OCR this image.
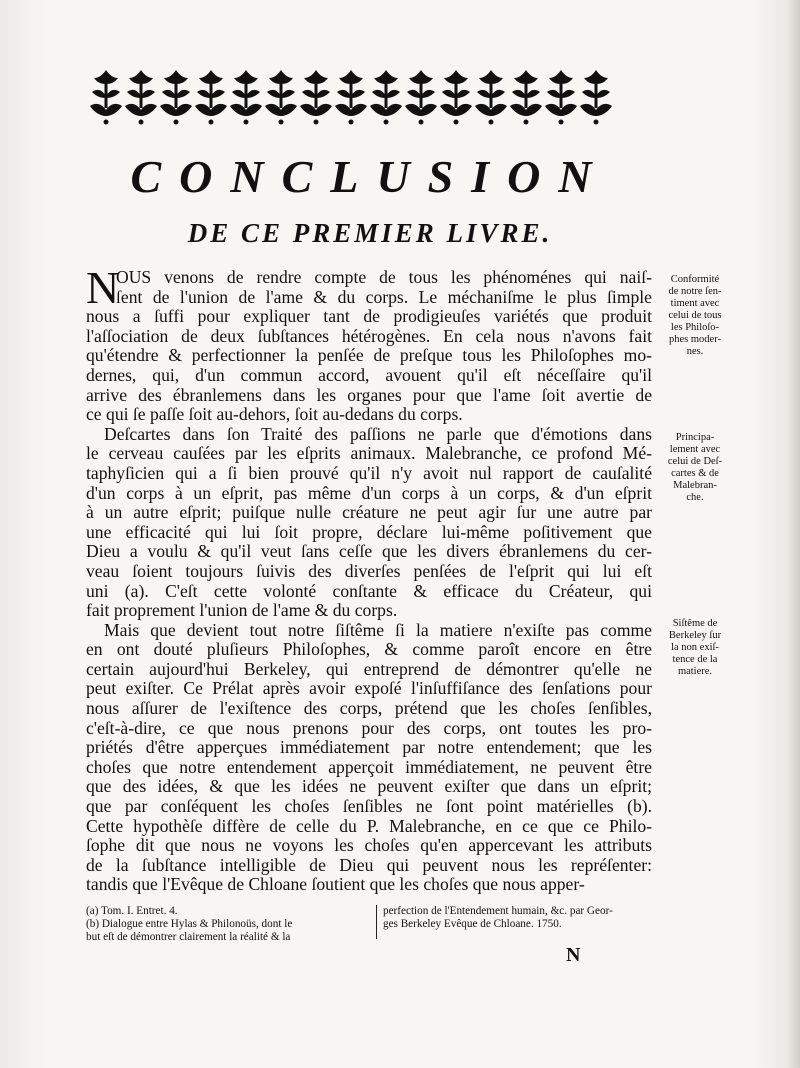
CONCLUSION
DE CE PREMIER LIVRE.
N
OUS venons de rendre compte de tous les phénoménes qui naiſ-
ſent de l'union de l'ame & du corps. Le méchaniſme le plus ſimple
nous a ſuffi pour expliquer tant de prodigieuſes variétés que produit
l'aſſociation de deux ſubſtances hétérogènes. En cela nous n'avons fait
qu'étendre & perfectionner la penſée de preſque tous les Philoſophes mo-
dernes, qui, d'un commun accord, avouent qu'il eſt néceſſaire qu'il
arrive des ébranlemens dans les organes pour que l'ame ſoit avertie de
ce qui ſe paſſe ſoit au-dehors, ſoit au-dedans du corps.
Deſcartes dans ſon Traité des paſſions ne parle que d'émotions dans
le cerveau cauſées par les eſprits animaux. Malebranche, ce profond Mé-
taphyſicien qui a ſi bien prouvé qu'il n'y avoit nul rapport de cauſalité
d'un corps à un eſprit, pas même d'un corps à un corps, & d'un eſprit
à un autre eſprit; puiſque nulle créature ne peut agir ſur une autre par
une efficacité qui lui ſoit propre, déclare lui-même poſitivement que
Dieu a voulu & qu'il veut ſans ceſſe que les divers ébranlemens du cer-
veau ſoient toujours ſuivis des diverſes penſées de l'eſprit qui lui eſt
uni (a). C'eſt cette volonté conſtante & efficace du Créateur, qui
fait proprement l'union de l'ame & du corps.
Mais que devient tout notre ſiſtême ſi la matiere n'exiſte pas comme
en ont douté pluſieurs Philoſophes, & comme paroît encore en être
certain aujourd'hui Berkeley, qui entreprend de démontrer qu'elle ne
peut exiſter. Ce Prélat après avoir expoſé l'inſuffiſance des ſenſations pour
nous aſſurer de l'exiſtence des corps, prétend que les choſes ſenſibles,
c'eſt-à-dire, ce que nous prenons pour des corps, ont toutes les pro-
priétés d'être apperçues immédiatement par notre entendement; que les
choſes que notre entendement apperçoit immédiatement, ne peuvent être
que des idées, & que les idées ne peuvent exiſter que dans un eſprit;
que par conſéquent les choſes ſenſibles ne ſont point matérielles (b).
Cette hypothèſe diffère de celle du P. Malebranche, en ce que ce Philo-
ſophe dit que nous ne voyons les choſes qu'en appercevant les attributs
de la ſubſtance intelligible de Dieu qui peuvent nous les repréſenter:
tandis que l'Evêque de Chloane ſoutient que les choſes que nous apper-
Conformité
de notre ſen-
timent avec
celui de tous
les Philoſo-
phes moder-
nes.
Principa-
lement avec
celui de Deſ-
cartes & de
Malebran-
che.
Siſtême de
Berkeley ſur
la non exiſ-
tence de la
matiere.
(a) Tom. I. Entret. 4.
(b) Dialogue entre Hylas & Philonoüs, dont le
but eſt de démontrer clairement la réalité & la
perfection de l'Entendement humain, &c. par Geor-
ges Berkeley Evêque de Chloane. 1750.
N
